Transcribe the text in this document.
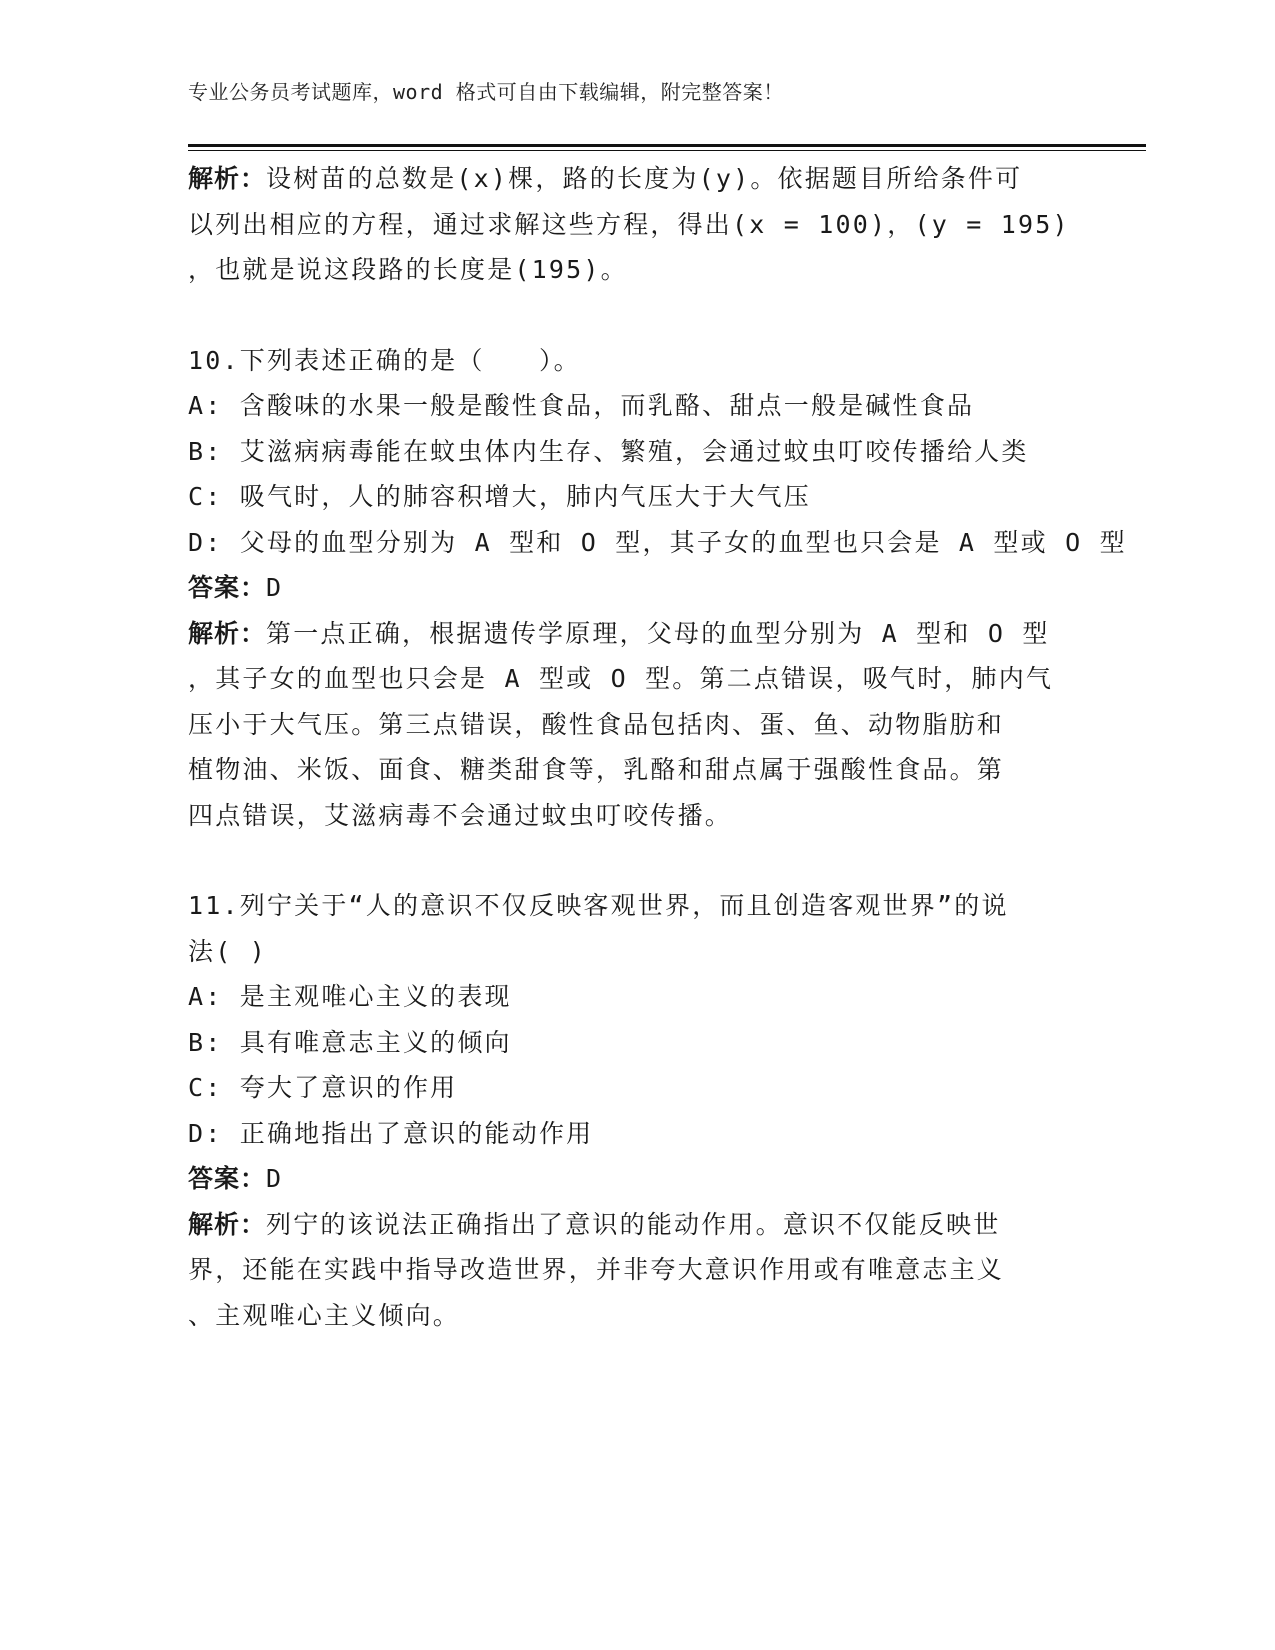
专业公务员考试题库，word 格式可自由下载编辑，附完整答案！
解析：设树苗的总数是(x)棵，路的长度为(y)。依据题目所给条件可
以列出相应的方程，通过求解这些方程，得出(x = 100)，(y = 195)
，也就是说这段路的长度是(195)。
10.下列表述正确的是（　　）。
A: 含酸味的水果一般是酸性食品，而乳酪、甜点一般是碱性食品
B: 艾滋病病毒能在蚊虫体内生存、繁殖，会通过蚊虫叮咬传播给人类
C: 吸气时，人的肺容积增大，肺内气压大于大气压
D: 父母的血型分别为 A 型和 O 型，其子女的血型也只会是 A 型或 O 型
答案：D
解析：第一点正确，根据遗传学原理，父母的血型分别为 A 型和 O 型
，其子女的血型也只会是 A 型或 O 型。第二点错误，吸气时，肺内气
压小于大气压。第三点错误，酸性食品包括肉、蛋、鱼、动物脂肪和
植物油、米饭、面食、糖类甜食等，乳酪和甜点属于强酸性食品。第
四点错误，艾滋病毒不会通过蚊虫叮咬传播。
11.列宁关于“人的意识不仅反映客观世界，而且创造客观世界”的说
法( )
A: 是主观唯心主义的表现
B: 具有唯意志主义的倾向
C: 夸大了意识的作用
D: 正确地指出了意识的能动作用
答案：D
解析：列宁的该说法正确指出了意识的能动作用。意识不仅能反映世
界，还能在实践中指导改造世界，并非夸大意识作用或有唯意志主义
、主观唯心主义倾向。
